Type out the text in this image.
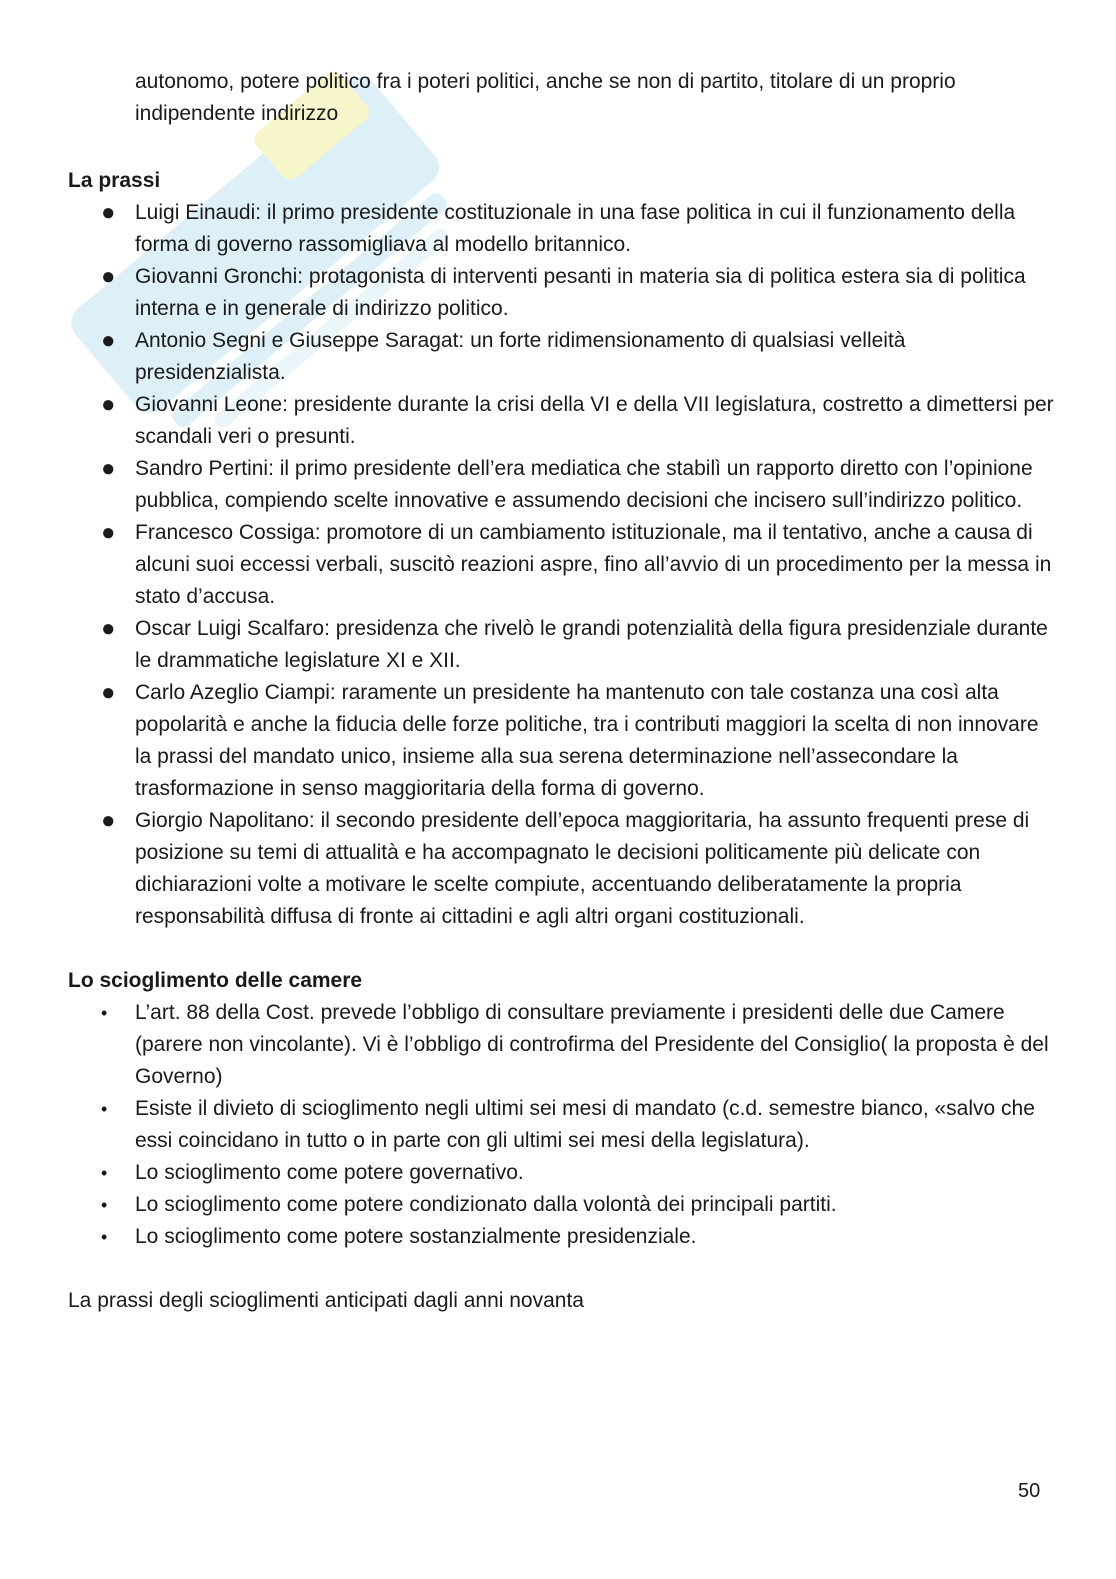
autonomo, potere politico fra i poteri politici, anche se non di partito, titolare di un proprio indipendente indirizzo

La prassi

● Luigi Einaudi: il primo presidente costituzionale in una fase politica in cui il funzionamento della forma di governo rassomigliava al modello britannico.
● Giovanni Gronchi: protagonista di interventi pesanti in materia sia di politica estera sia di politica interna e in generale di indirizzo politico.
● Antonio Segni e Giuseppe Saragat: un forte ridimensionamento di qualsiasi velleità presidenzialista.
● Giovanni Leone: presidente durante la crisi della VI e della VII legislatura, costretto a dimettersi per scandali veri o presunti.
● Sandro Pertini: il primo presidente dell’era mediatica che stabilì un rapporto diretto con l’opinione pubblica, compiendo scelte innovative e assumendo decisioni che incisero sull’indirizzo politico.
● Francesco Cossiga: promotore di un cambiamento istituzionale, ma il tentativo, anche a causa di alcuni suoi eccessi verbali, suscitò reazioni aspre, fino all’avvio di un procedimento per la messa in stato d’accusa.
● Oscar Luigi Scalfaro: presidenza che rivelò le grandi potenzialità della figura presidenziale durante le drammatiche legislature XI e XII.
● Carlo Azeglio Ciampi: raramente un presidente ha mantenuto con tale costanza una così alta popolarità e anche la fiducia delle forze politiche, tra i contributi maggiori la scelta di non innovare la prassi del mandato unico, insieme alla sua serena determinazione nell’assecondare la trasformazione in senso maggioritaria della forma di governo.
● Giorgio Napolitano: il secondo presidente dell’epoca maggioritaria, ha assunto frequenti prese di posizione su temi di attualità e ha accompagnato le decisioni politicamente più delicate con dichiarazioni volte a motivare le scelte compiute, accentuando deliberatamente la propria responsabilità diffusa di fronte ai cittadini e agli altri organi costituzionali.

Lo scioglimento delle camere

• L’art. 88 della Cost. prevede l’obbligo di consultare previamente i presidenti delle due Camere (parere non vincolante). Vi è l’obbligo di controfirma del Presidente del Consiglio( la proposta è del Governo)
• Esiste il divieto di scioglimento negli ultimi sei mesi di mandato (c.d. semestre bianco, «salvo che essi coincidano in tutto o in parte con gli ultimi sei mesi della legislatura).
• Lo scioglimento come potere governativo.
• Lo scioglimento come potere condizionato dalla volontà dei principali partiti.
• Lo scioglimento come potere sostanzialmente presidenziale.

La prassi degli scioglimenti anticipati dagli anni novanta

50
